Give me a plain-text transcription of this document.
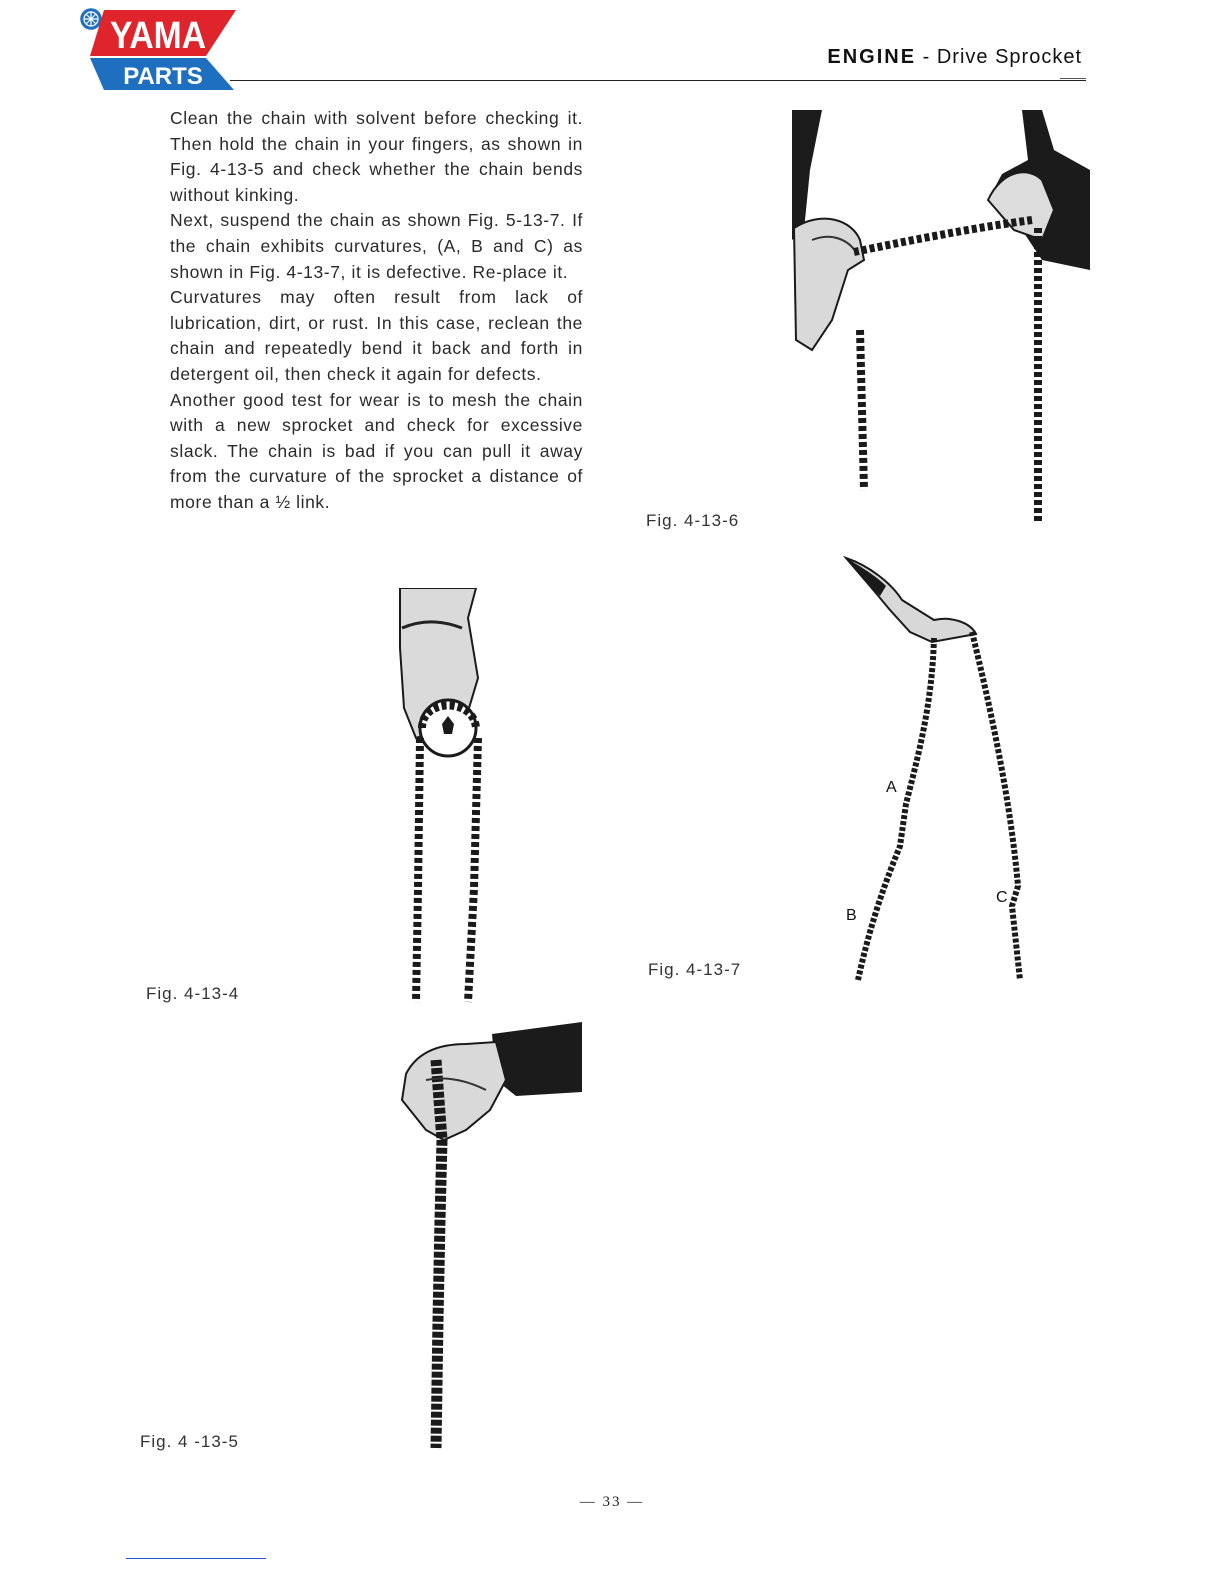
YAMA
PARTS
ENGINE - Drive Sprocket

Clean the chain with solvent before checking it. Then hold the chain in your fingers, as shown in Fig. 4-13-5 and check whether the chain bends without kinking.

Next, suspend the chain as shown Fig. 5-13-7. If the chain exhibits curvatures, (A, B and C) as shown in Fig. 4-13-7, it is defective. Re-place it.

Curvatures may often result from lack of lubrication, dirt, or rust. In this case, reclean the chain and repeatedly bend it back and forth in detergent oil, then check it again for defects.

Another good test for wear is to mesh the chain with a new sprocket and check for excessive slack. The chain is bad if you can pull it away from the curvature of the sprocket a distance of more than a ½ link.

Fig. 4-13-6
A
B
C
Fig. 4-13-7
Fig. 4-13-4
Fig. 4 -13-5
— 33 —
